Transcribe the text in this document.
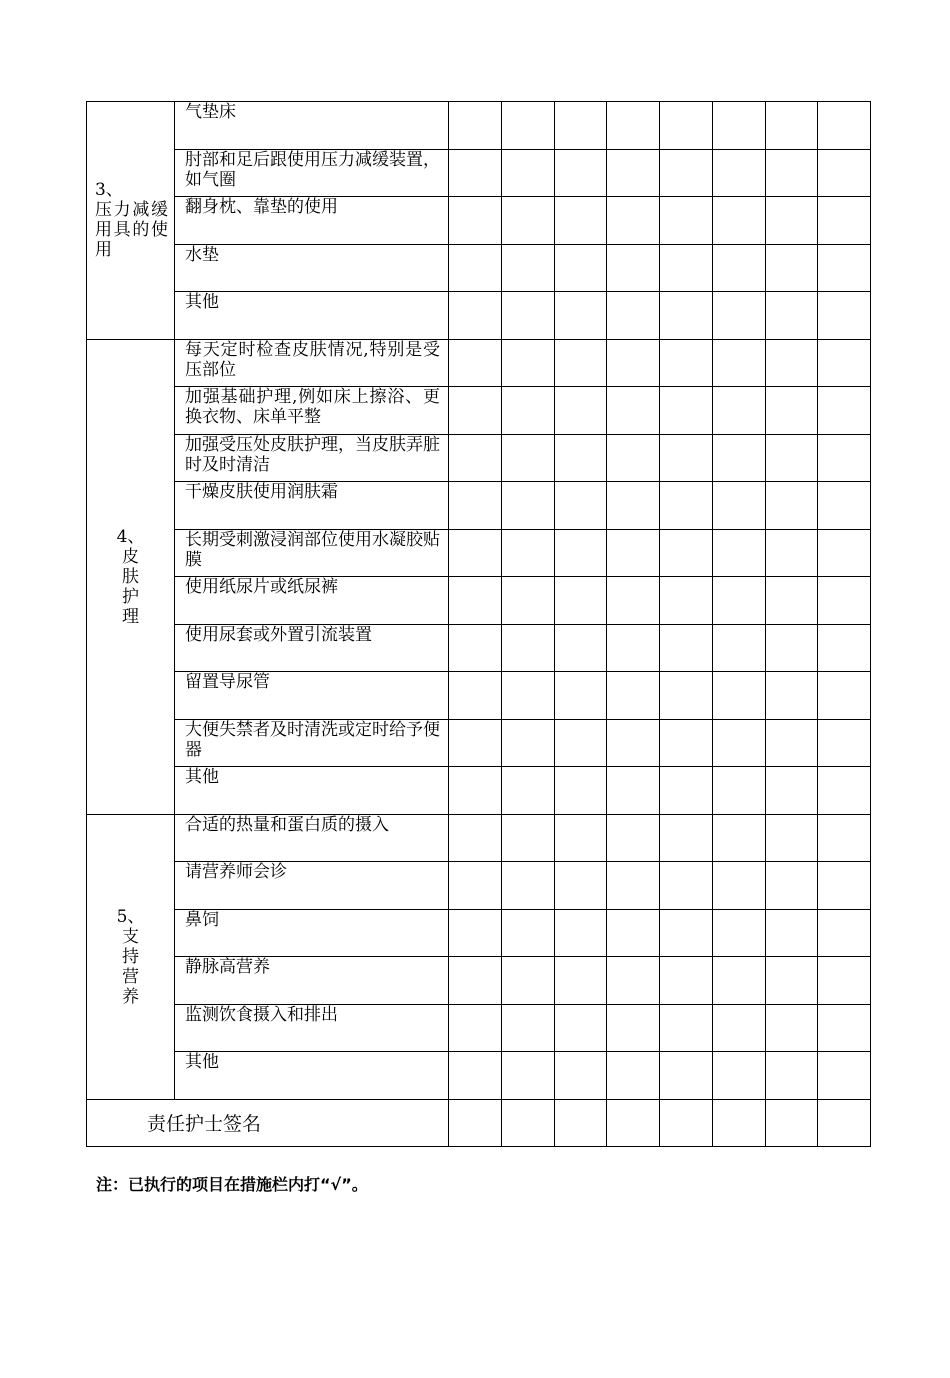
3、
压力减缓用具的使用	气垫床								
	肘部和足后跟使用压力减缓装置，如气圈								
	翻身枕、靠垫的使用								
	水垫								
	其他								

4、
皮肤护理	每天定时检查皮肤情况,特别是受压部位								
	加强基础护理,例如床上擦浴、更换衣物、床单平整								
	加强受压处皮肤护理，当皮肤弄脏时及时清洁								
	干燥皮肤使用润肤霜								
	长期受刺激浸润部位使用水凝胶贴膜								
	使用纸尿片或纸尿裤								
	使用尿套或外置引流装置								
	留置导尿管								
	大便失禁者及时清洗或定时给予便器								
	其他								

5、
支持营养	合适的热量和蛋白质的摄入								
	请营养师会诊								
	鼻饲								
	静脉高营养								
	监测饮食摄入和排出								
	其他								
责任护士签名									
注：已执行的项目在措施栏内打“√”。
